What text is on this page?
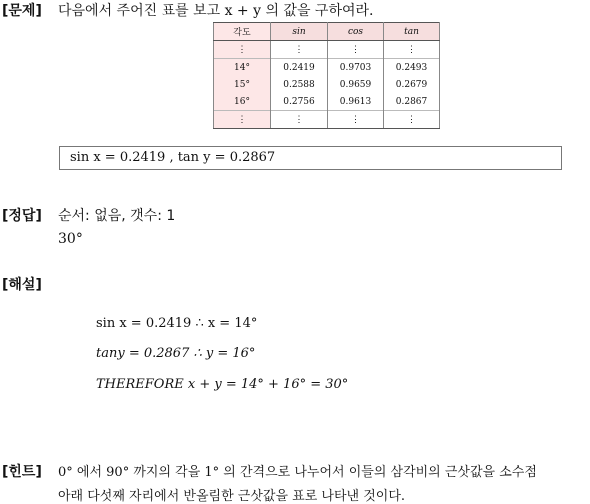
[문제] 다음에서 주어진 표를 보고 x + y 의 값을 구하여라.
각도	sin	cos	tan
⋮	⋮	⋮	⋮
14°	0.2419	0.9703	0.2493
15°	0.2588	0.9659	0.2679
16°	0.2756	0.9613	0.2867
⋮	⋮	⋮	⋮
sin x = 0.2419 , tan y = 0.2867
[정답] 순서: 없음, 갯수: 1
30°
[해설]
sin x = 0.2419 ∴ x = 14°
tany = 0.2867 ∴ y = 16°
THEREFORE x + y = 14° + 16° = 30°
[힌트] 0° 에서 90° 까지의 각을 1° 의 간격으로 나누어서 이들의 삼각비의 근삿값을 소수점
아래 다섯째 자리에서 반올림한 근삿값을 표로 나타낸 것이다.
